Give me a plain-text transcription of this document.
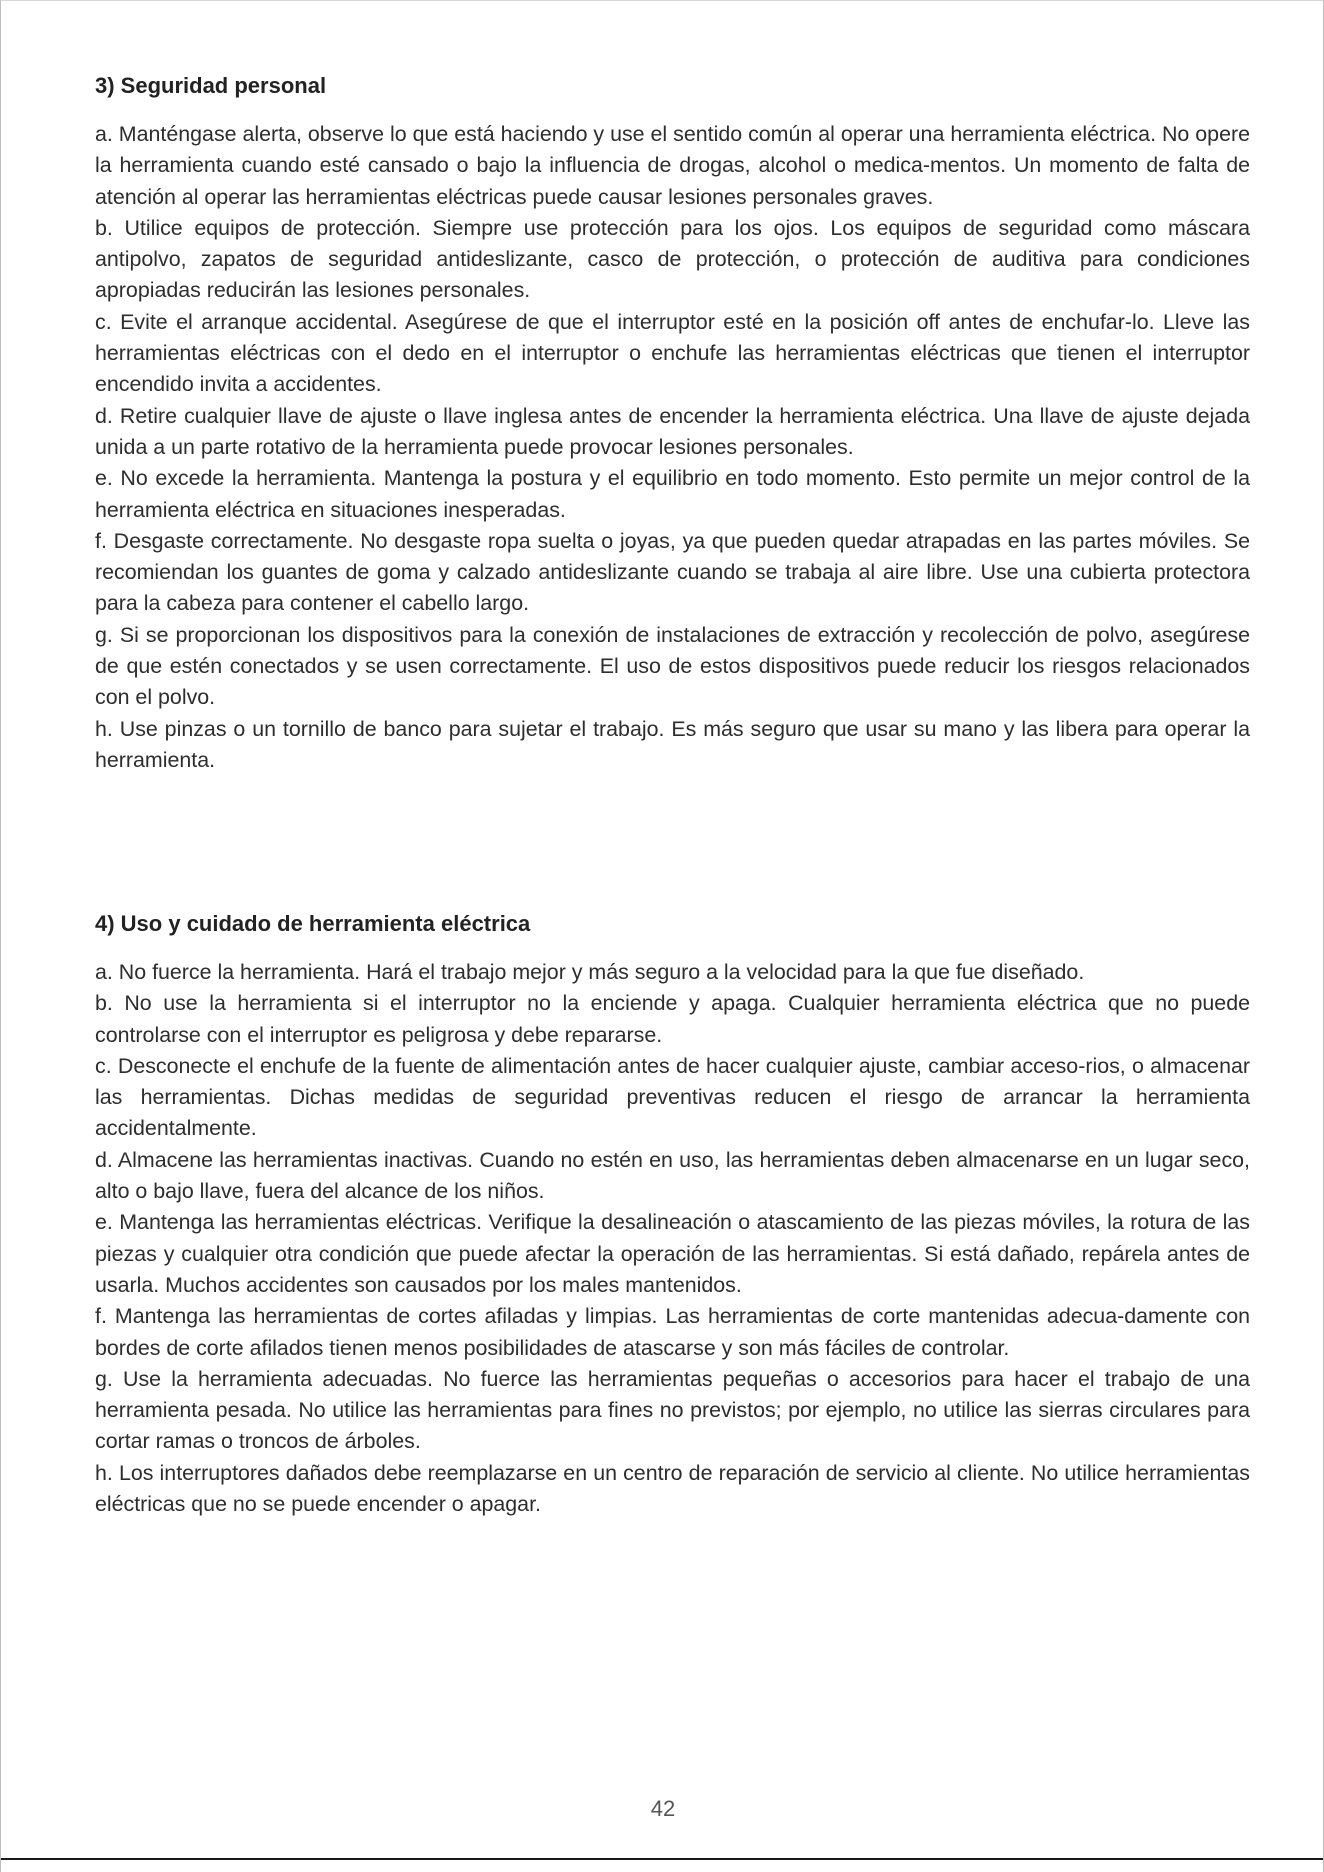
3) Seguridad personal

a. Manténgase alerta, observe lo que está haciendo y use el sentido común al operar una herramienta eléctrica. No opere la herramienta cuando esté cansado o bajo la influencia de drogas, alcohol o medica-mentos. Un momento de falta de atención al operar las herramientas eléctricas puede causar lesiones personales graves.

b. Utilice equipos de protección. Siempre use protección para los ojos. Los equipos de seguridad como máscara antipolvo, zapatos de seguridad antideslizante, casco de protección, o protección de auditiva para condiciones apropiadas reducirán las lesiones personales.

c. Evite el arranque accidental. Asegúrese de que el interruptor esté en la posición off antes de enchufar-lo. Lleve las herramientas eléctricas con el dedo en el interruptor o enchufe las herramientas eléctricas que tienen el interruptor encendido invita a accidentes.

d. Retire cualquier llave de ajuste o llave inglesa antes de encender la herramienta eléctrica. Una llave de ajuste dejada unida a un parte rotativo de la herramienta puede provocar lesiones personales.

e. No excede la herramienta. Mantenga la postura y el equilibrio en todo momento. Esto permite un mejor control de la herramienta eléctrica en situaciones inesperadas.

f. Desgaste correctamente. No desgaste ropa suelta o joyas, ya que pueden quedar atrapadas en las partes móviles. Se recomiendan los guantes de goma y calzado antideslizante cuando se trabaja al aire libre. Use una cubierta protectora para la cabeza para contener el cabello largo.

g. Si se proporcionan los dispositivos para la conexión de instalaciones de extracción y recolección de polvo, asegúrese de que estén conectados y se usen correctamente. El uso de estos dispositivos puede reducir los riesgos relacionados con el polvo.

h. Use pinzas o un tornillo de banco para sujetar el trabajo. Es más seguro que usar su mano y las libera para operar la herramienta.

4) Uso y cuidado de herramienta eléctrica

a. No fuerce la herramienta. Hará el trabajo mejor y más seguro a la velocidad para la que fue diseñado.

b. No use la herramienta si el interruptor no la enciende y apaga. Cualquier herramienta eléctrica que no puede controlarse con el interruptor es peligrosa y debe repararse.

c. Desconecte el enchufe de la fuente de alimentación antes de hacer cualquier ajuste, cambiar acceso-rios, o almacenar las herramientas. Dichas medidas de seguridad preventivas reducen el riesgo de arrancar la herramienta accidentalmente.

d. Almacene las herramientas inactivas. Cuando no estén en uso, las herramientas deben almacenarse en un lugar seco, alto o bajo llave, fuera del alcance de los niños.

e. Mantenga las herramientas eléctricas. Verifique la desalineación o atascamiento de las piezas móviles, la rotura de las piezas y cualquier otra condición que puede afectar la operación de las herramientas. Si está dañado, repárela antes de usarla. Muchos accidentes son causados por los males mantenidos.

f. Mantenga las herramientas de cortes afiladas y limpias. Las herramientas de corte mantenidas adecua-damente con bordes de corte afilados tienen menos posibilidades de atascarse y son más fáciles de controlar.

g. Use la herramienta adecuadas. No fuerce las herramientas pequeñas o accesorios para hacer el trabajo de una herramienta pesada. No utilice las herramientas para fines no previstos; por ejemplo, no utilice las sierras circulares para cortar ramas o troncos de árboles.

h. Los interruptores dañados debe reemplazarse en un centro de reparación de servicio al cliente. No utilice herramientas eléctricas que no se puede encender o apagar.

42
